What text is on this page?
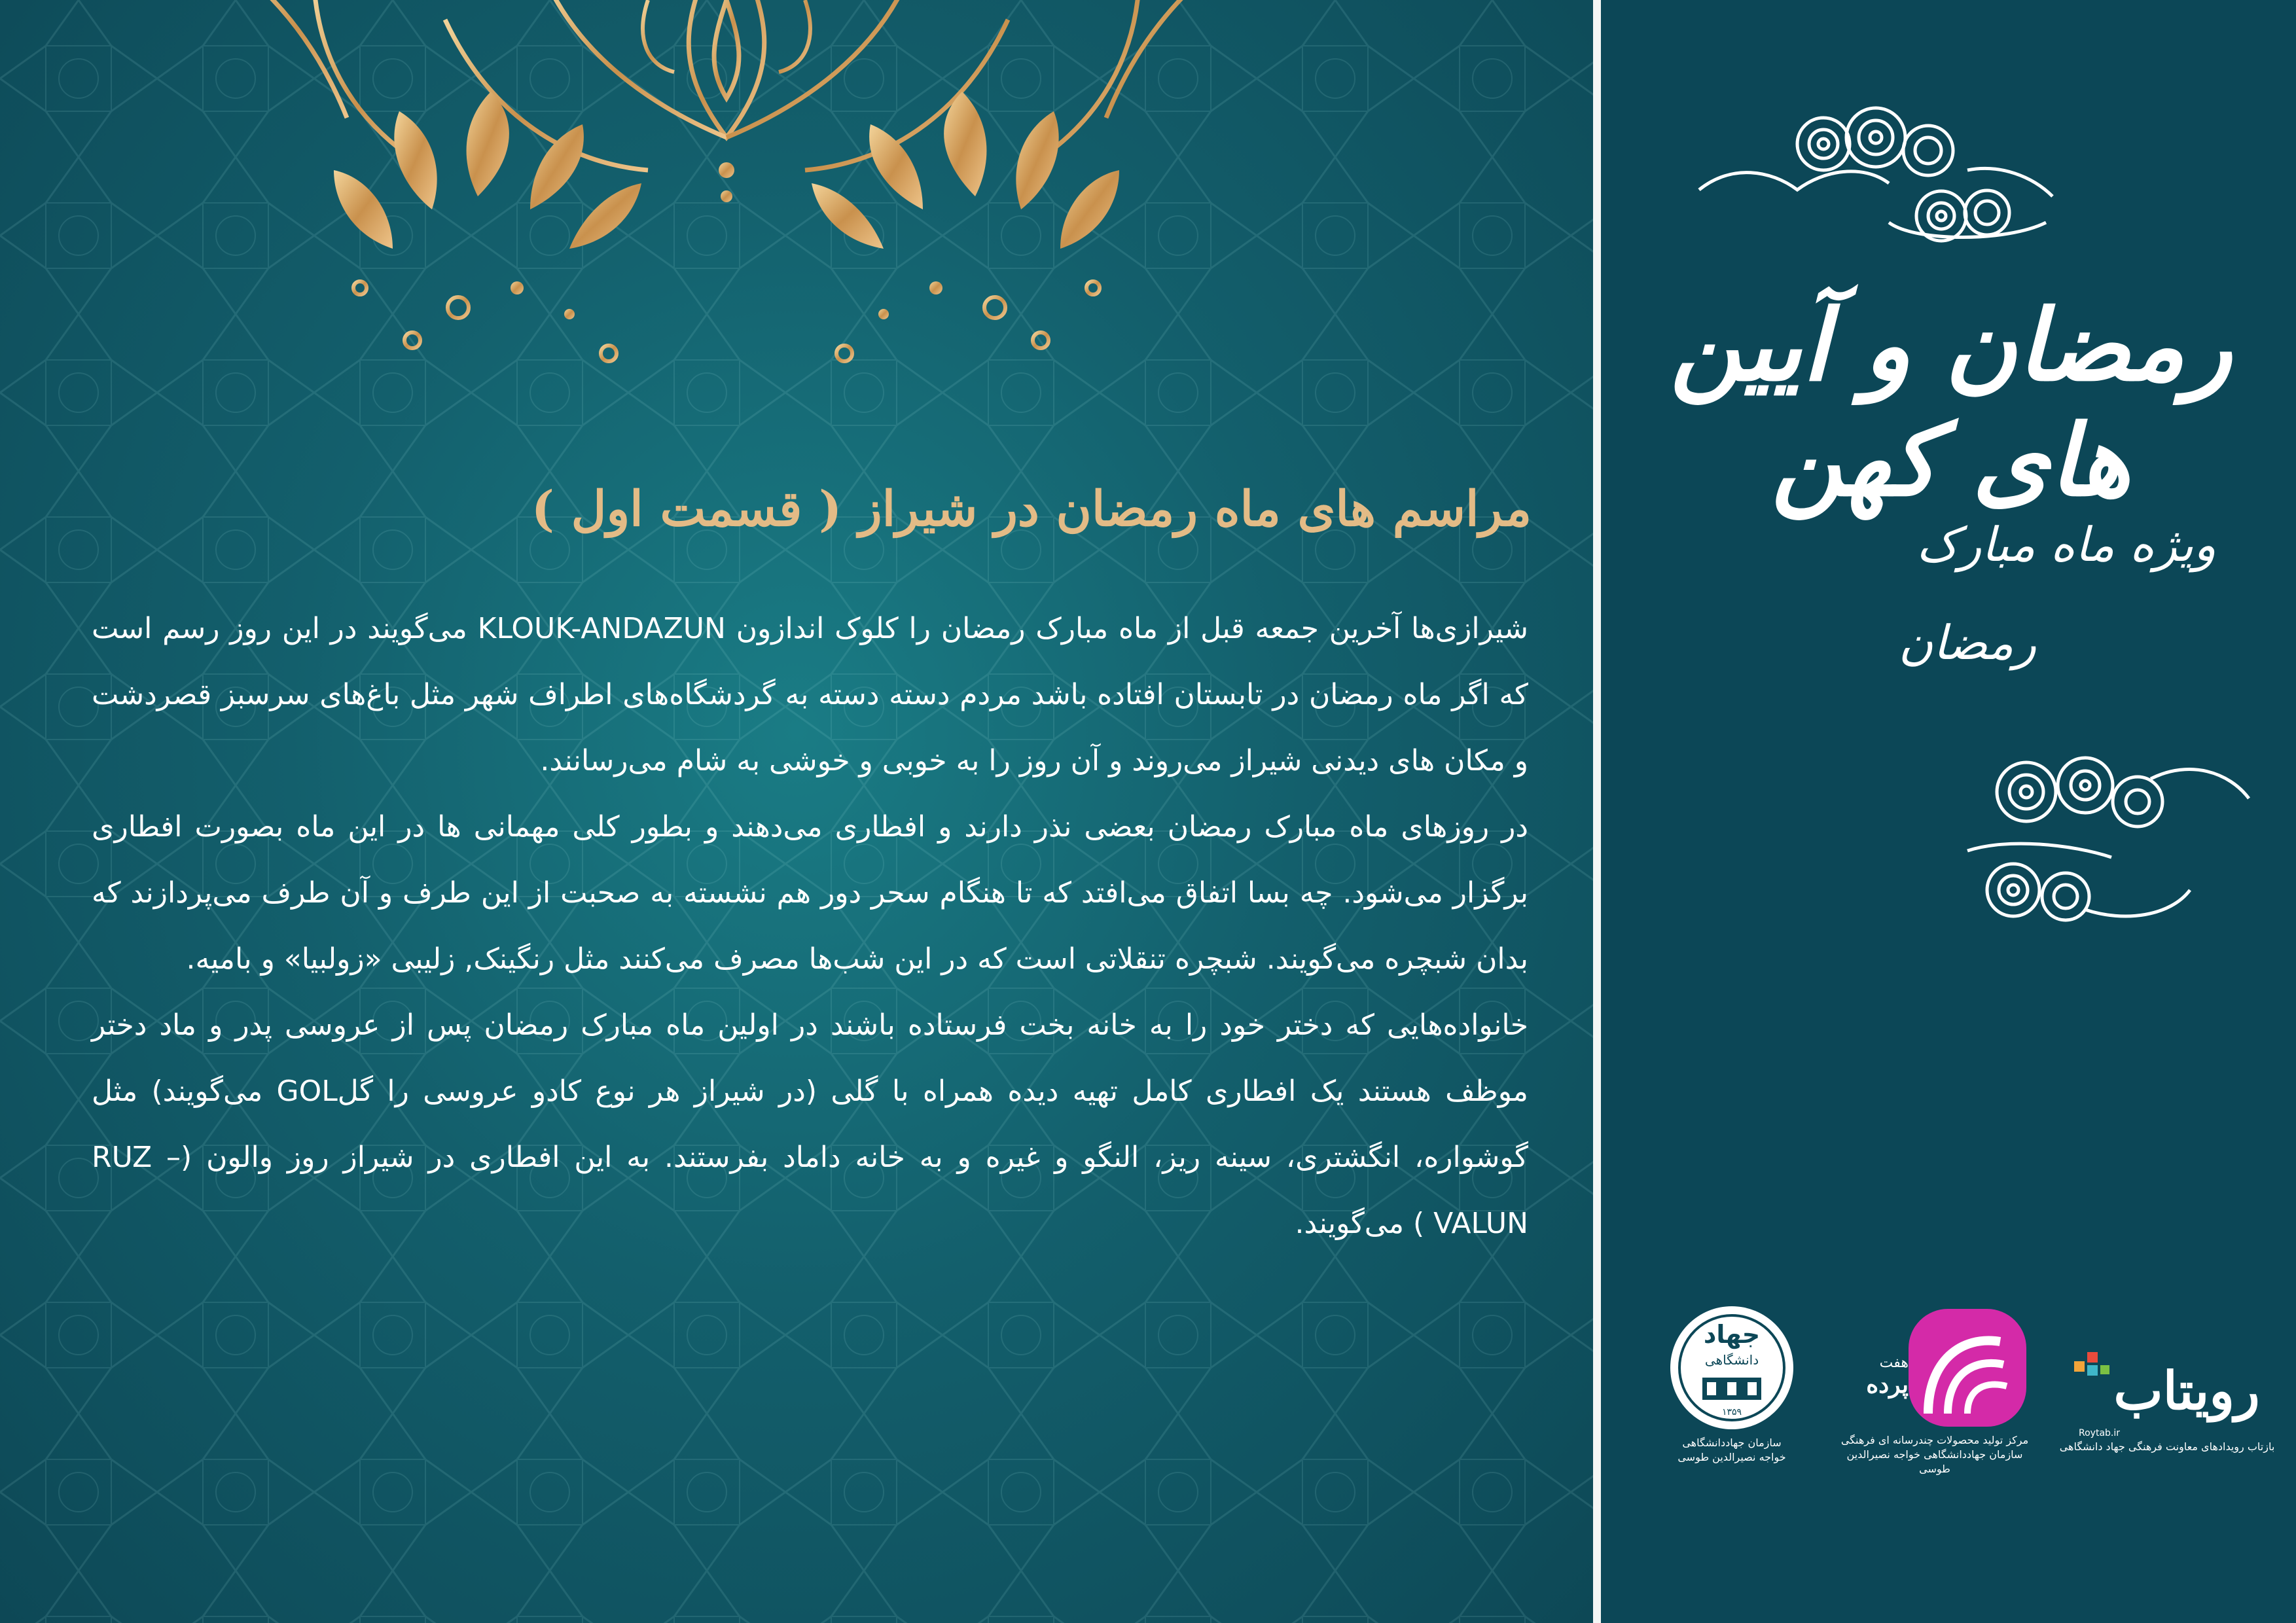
مراسم های ماه رمضان در شیراز ( قسمت اول )

شیرازی‌ها آخرین جمعه قبل از ماه مبارک رمضان را کلوک اندازون KLOUK-ANDAZUN می‌گویند در این روز رسم است که اگر ماه رمضان در تابستان افتاده باشد مردم دسته دسته به گردشگاه‌های اطراف شهر مثل باغ‌های سرسبز قصردشت و مکان های دیدنی شیراز می‌روند و آن روز را به خوبی و خوشی به شام می‌رسانند.

در روزهای ماه مبارک رمضان بعضی نذر دارند و افطاری می‌دهند و بطور کلی مهمانی ها در این ماه بصورت افطاری برگزار می‌شود. چه بسا اتفاق می‌افتد که تا هنگام سحر دور هم نشسته به صحبت از این طرف و آن طرف می‌پردازند که بدان شبچره می‌گویند. شبچره تنقلاتی است که در این شب‌ها مصرف می‌کنند مثل رنگینک, زلیبی «زولبیا» و بامیه.

خانواده‌هایی که دختر خود را به خانه بخت فرستاده باشند در اولین ماه مبارک رمضان پس از عروسی پدر و ماد دختر موظف هستند یک افطاری کامل تهیه دیده همراه با گلی (در شیراز هر نوع کادو عروسی را گلGOL می‌گویند) مثل گوشواره، انگشتری، سینه ریز، النگو و غیره و به خانه داماد بفرستند. به این افطاری در شیراز روز والون (RUZ – VALUN ) می‌گویند.

رمضان و آیین های کهن
ویژه ماه مبارک
رمضان
جهاد
دانشگاهی
۱۳۵۹
سازمان جهاددانشگاهی
خواجه نصیرالدین طوسی
هفت
پرده
مرکز تولید محصولات چندرسانه ای فرهنگی
سازمان جهاددانشگاهی خواجه نصیرالدین طوسی
رویتاب
Roytab.ir
بازتاب رویدادهای معاونت فرهنگی جهاد دانشگاهی
